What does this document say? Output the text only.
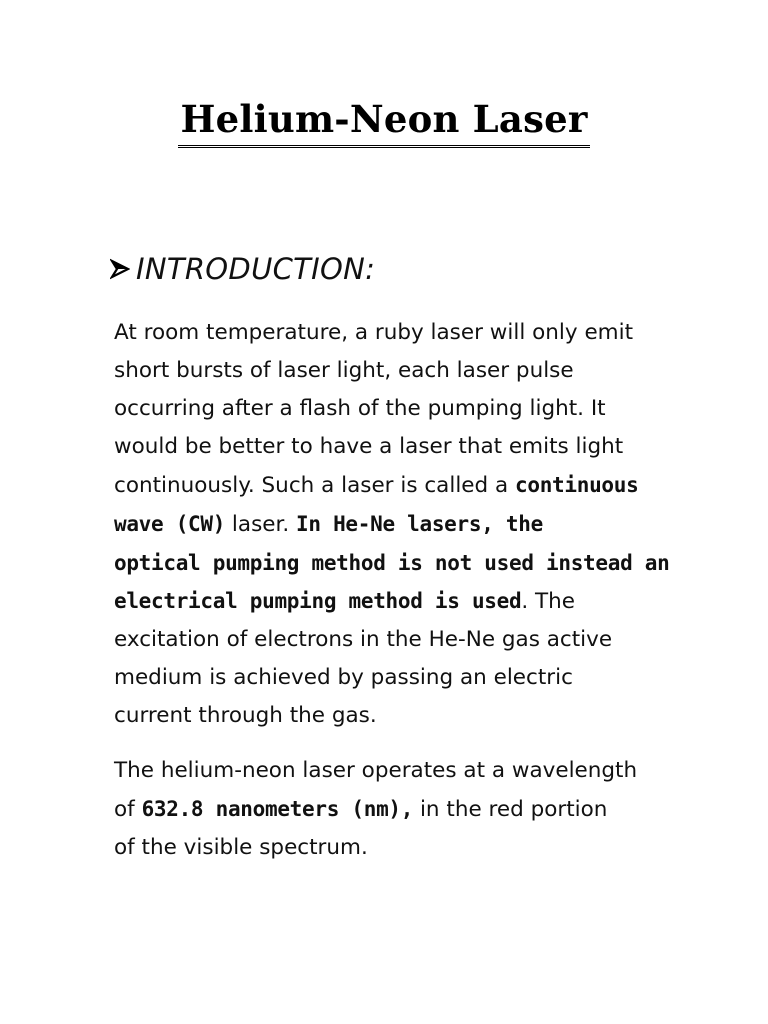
Helium-Neon Laser
INTRODUCTION:

At room temperature, a ruby laser will only emit
short bursts of laser light, each laser pulse
occurring after a flash of the pumping light. It
would be better to have a laser that emits light
continuously. Such a laser is called a continuous
wave (CW) laser. In He-Ne lasers, the
optical pumping method is not used instead an
electrical pumping method is used. The
excitation of electrons in the He-Ne gas active
medium is achieved by passing an electric
current through the gas.

The helium-neon laser operates at a wavelength
of 632.8 nanometers (nm), in the red portion
of the visible spectrum.
